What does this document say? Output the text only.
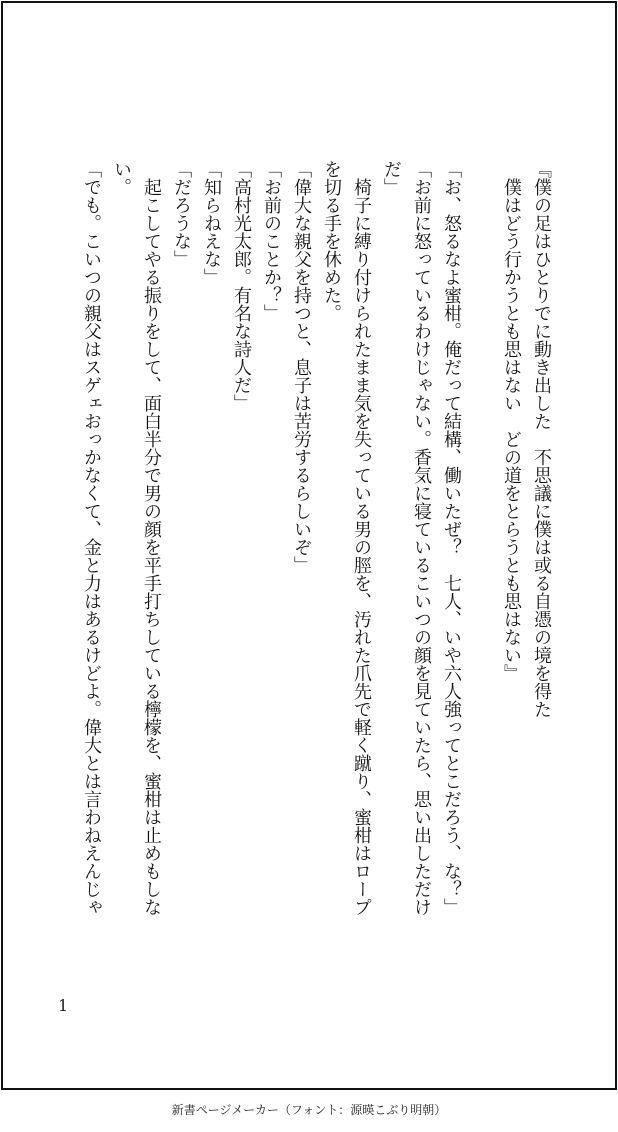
『僕の足はひとりでに動き出した　不思議に僕は或る自憑の境を得た
　僕はどう行かうとも思はない　どの道をとらうとも思はない』

「お、怒るなよ蜜柑。俺だって結構、働いたぜ？　七人、いや六人強ってとこだろう、な？」
「お前に怒っているわけじゃない。香気に寝ているこいつの顔を見ていたら、思い出しただけ
だ」
　椅子に縛り付けられたまま気を失っている男の脛を、汚れた爪先で軽く蹴り、蜜柑はロープ
を切る手を休めた。
「偉大な親父を持つと、息子は苦労するらしいぞ」
「お前のことか？」
「高村光太郎。有名な詩人だ」
「知らねえな」
「だろうな」
　起こしてやる振りをして、面白半分で男の顔を平手打ちしている檸檬を、蜜柑は止めもしな
い。
「でも。こいつの親父はスゲェおっかなくて、金と力はあるけどよ。偉大とは言わねえんじゃ
1
新書ページメーカー（フォント：源暎こぶり明朝）
